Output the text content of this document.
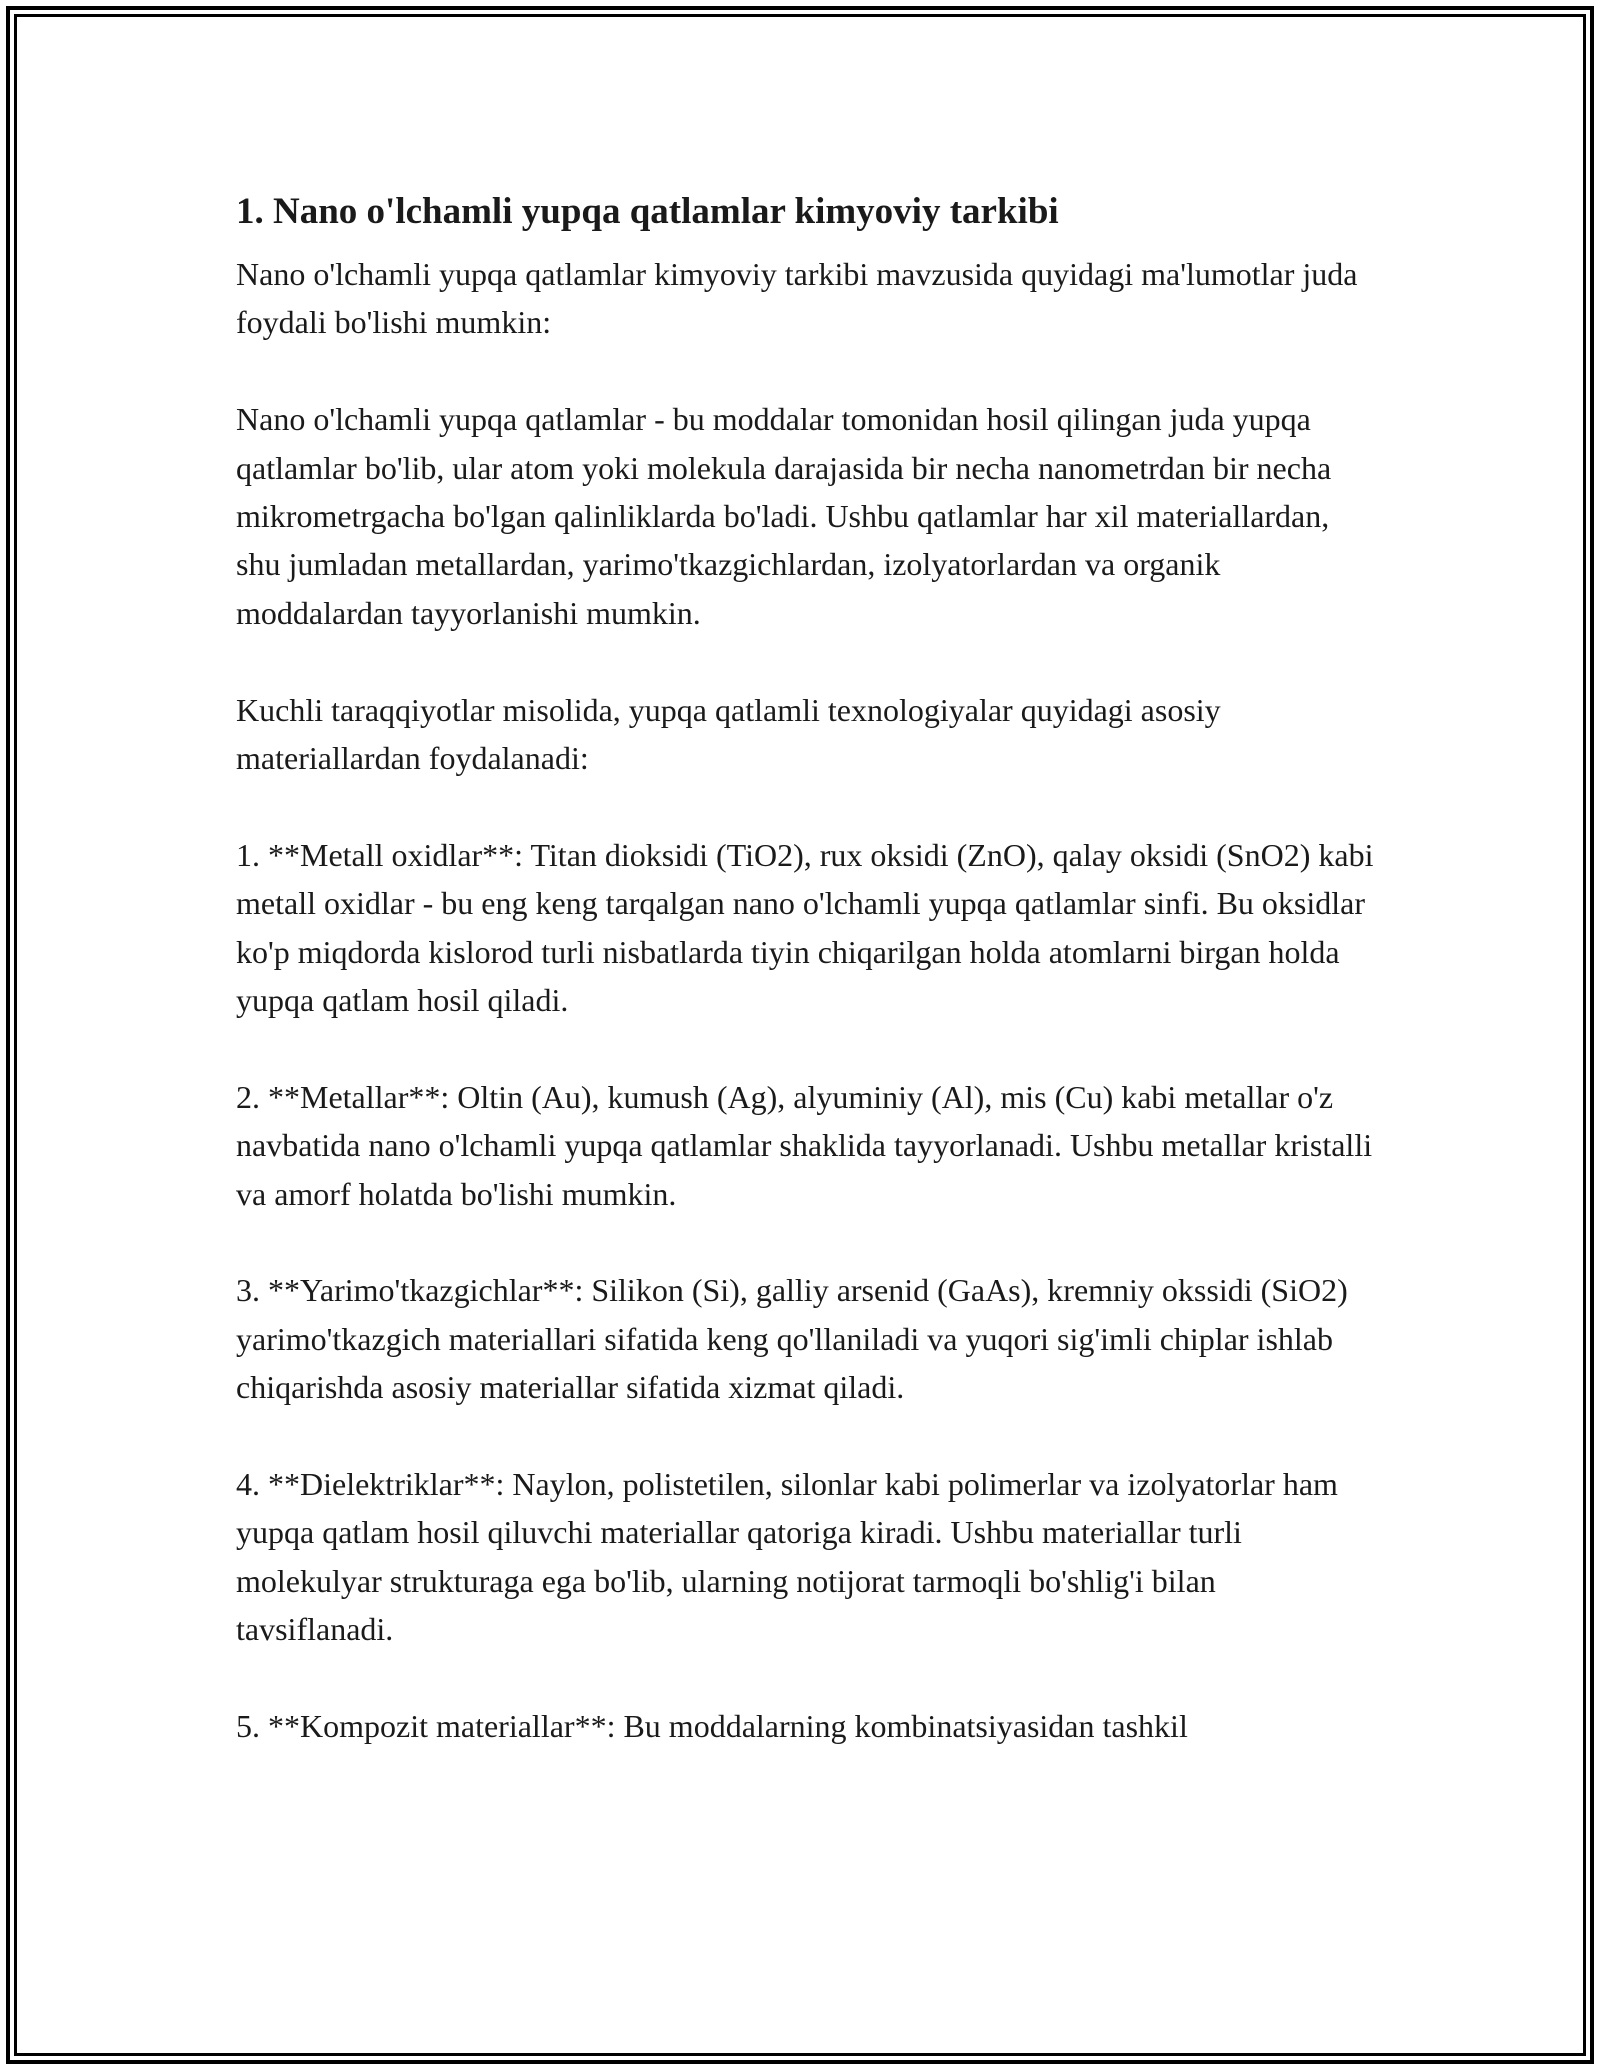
1. Nano o'lchamli yupqa qatlamlar kimyoviy tarkibi

Nano o'lchamli yupqa qatlamlar kimyoviy tarkibi mavzusida quyidagi ma'lumotlar juda foydali bo'lishi mumkin:

Nano o'lchamli yupqa qatlamlar - bu moddalar tomonidan hosil qilingan juda yupqa qatlamlar bo'lib, ular atom yoki molekula darajasida bir necha nanometrdan bir necha mikrometrgacha bo'lgan qalinliklarda bo'ladi. Ushbu qatlamlar har xil materiallardan, shu jumladan metallardan, yarimo'tkazgichlardan, izolyatorlardan va organik moddalardan tayyorlanishi mumkin.

Kuchli taraqqiyotlar misolida, yupqa qatlamli texnologiyalar quyidagi asosiy materiallardan foydalanadi:

1. **Metall oxidlar**: Titan dioksidi (TiO2), rux oksidi (ZnO), qalay oksidi (SnO2) kabi metall oxidlar - bu eng keng tarqalgan nano o'lchamli yupqa qatlamlar sinfi. Bu oksidlar ko'p miqdorda kislorod turli nisbatlarda tiyin chiqarilgan holda atomlarni birgan holda yupqa qatlam hosil qiladi.

2. **Metallar**: Oltin (Au), kumush (Ag), alyuminiy (Al), mis (Cu) kabi metallar o'z navbatida nano o'lchamli yupqa qatlamlar shaklida tayyorlanadi. Ushbu metallar kristalli va amorf holatda bo'lishi mumkin.

3. **Yarimo'tkazgichlar**: Silikon (Si), galliy arsenid (GaAs), kremniy okssidi (SiO2) yarimo'tkazgich materiallari sifatida keng qo'llaniladi va yuqori sig'imli chiplar ishlab chiqarishda asosiy materiallar sifatida xizmat qiladi.

4. **Dielektriklar**: Naylon, polistetilen, silonlar kabi polimerlar va izolyatorlar ham yupqa qatlam hosil qiluvchi materiallar qatoriga kiradi. Ushbu materiallar turli molekulyar strukturaga ega bo'lib, ularning notijorat tarmoqli bo'shlig'i bilan tavsiflanadi.

5. **Kompozit materiallar**: Bu moddalarning kombinatsiyasidan tashkil
